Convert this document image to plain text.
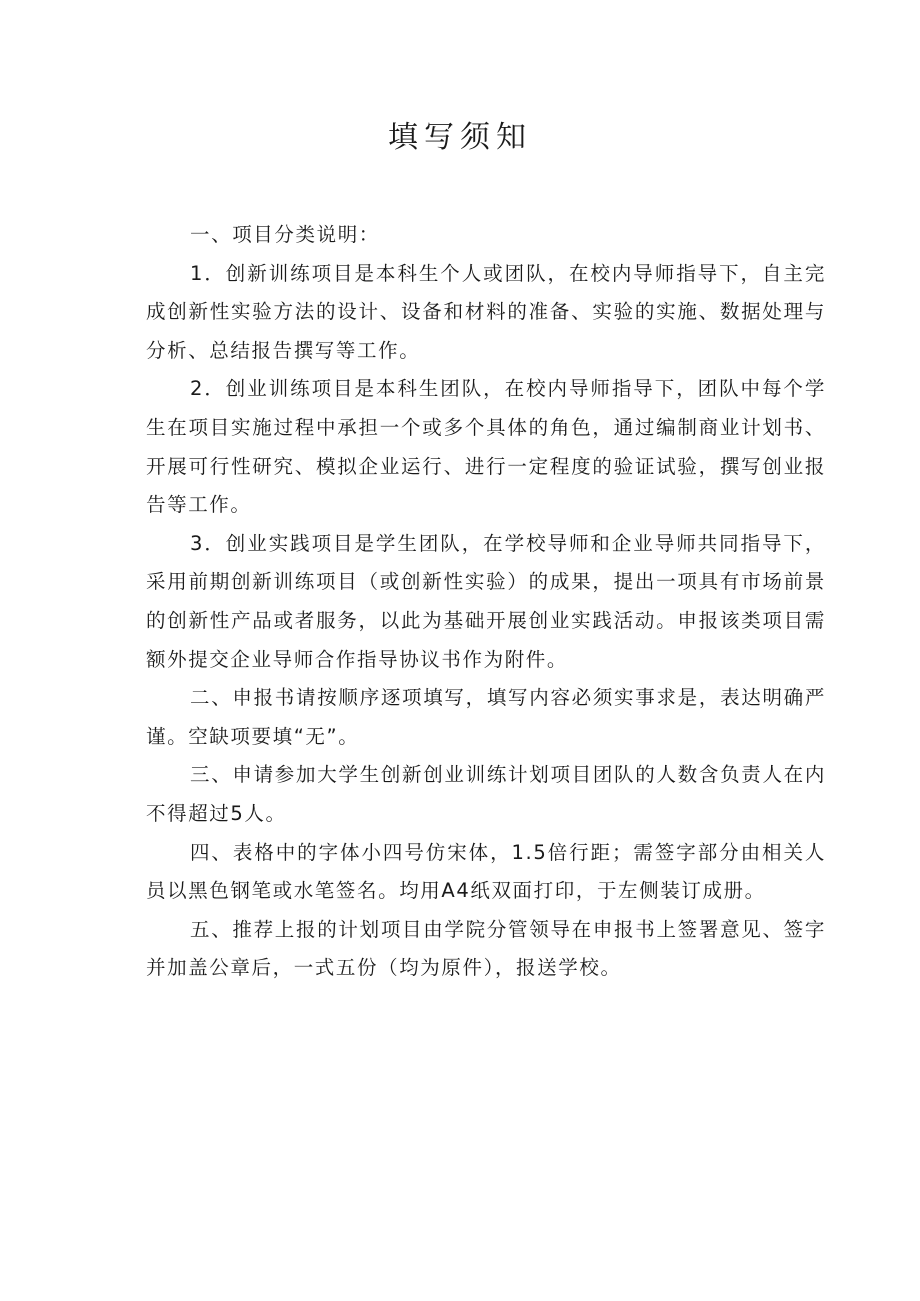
填写须知

一、项目分类说明：

1．创新训练项目是本科生个人或团队，在校内导师指导下，自主完成创新性实验方法的设计、设备和材料的准备、实验的实施、数据处理与分析、总结报告撰写等工作。

2．创业训练项目是本科生团队，在校内导师指导下，团队中每个学生在项目实施过程中承担一个或多个具体的角色，通过编制商业计划书、开展可行性研究、模拟企业运行、进行一定程度的验证试验，撰写创业报告等工作。

3．创业实践项目是学生团队，在学校导师和企业导师共同指导下，采用前期创新训练项目（或创新性实验）的成果，提出一项具有市场前景的创新性产品或者服务，以此为基础开展创业实践活动。申报该类项目需额外提交企业导师合作指导协议书作为附件。

二、申报书请按顺序逐项填写，填写内容必须实事求是，表达明确严谨。空缺项要填“无”。

三、申请参加大学生创新创业训练计划项目团队的人数含负责人在内不得超过5人。

四、表格中的字体小四号仿宋体，1.5倍行距；需签字部分由相关人员以黑色钢笔或水笔签名。均用A4纸双面打印，于左侧装订成册。

五、推荐上报的计划项目由学院分管领导在申报书上签署意见、签字并加盖公章后，一式五份（均为原件），报送学校。
